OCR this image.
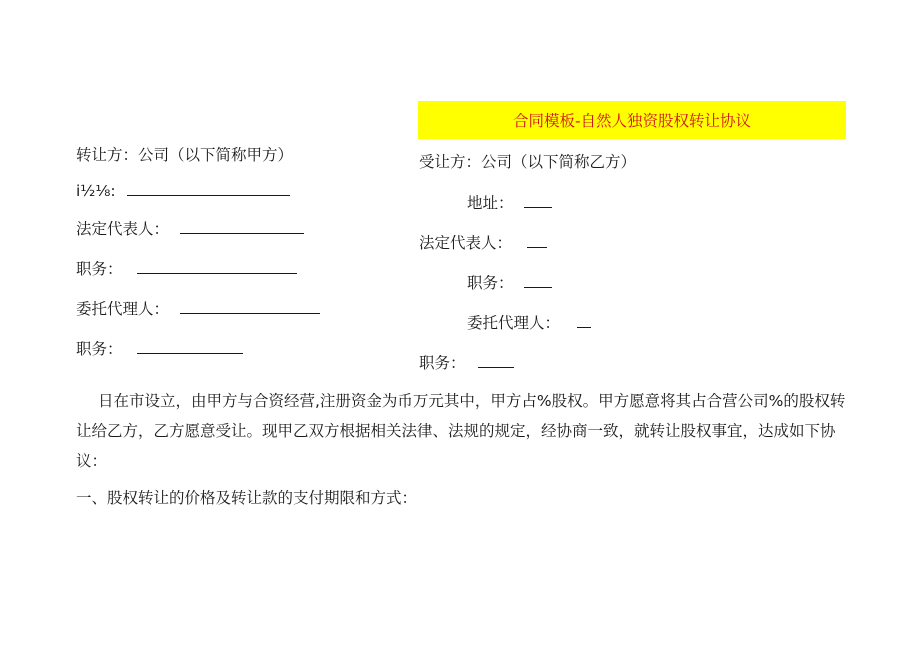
合同模板-自然人独资股权转让协议
转让方：公司（以下简称甲方）
i½⅛:
法定代表人：
职务：
委托代理人：
职务：
受让方：公司（以下简称乙方）
地址：
法定代表人：
职务：
委托代理人：
职务：
日在市设立，由甲方与合资经营,注册资金为币万元其中，甲方占%股权。甲方愿意将其占合营公司%的股权转让给乙方，乙方愿意受让。现甲乙双方根据相关法律、法规的规定，经协商一致，就转让股权事宜，达成如下协议：
一、股权转让的价格及转让款的支付期限和方式：
